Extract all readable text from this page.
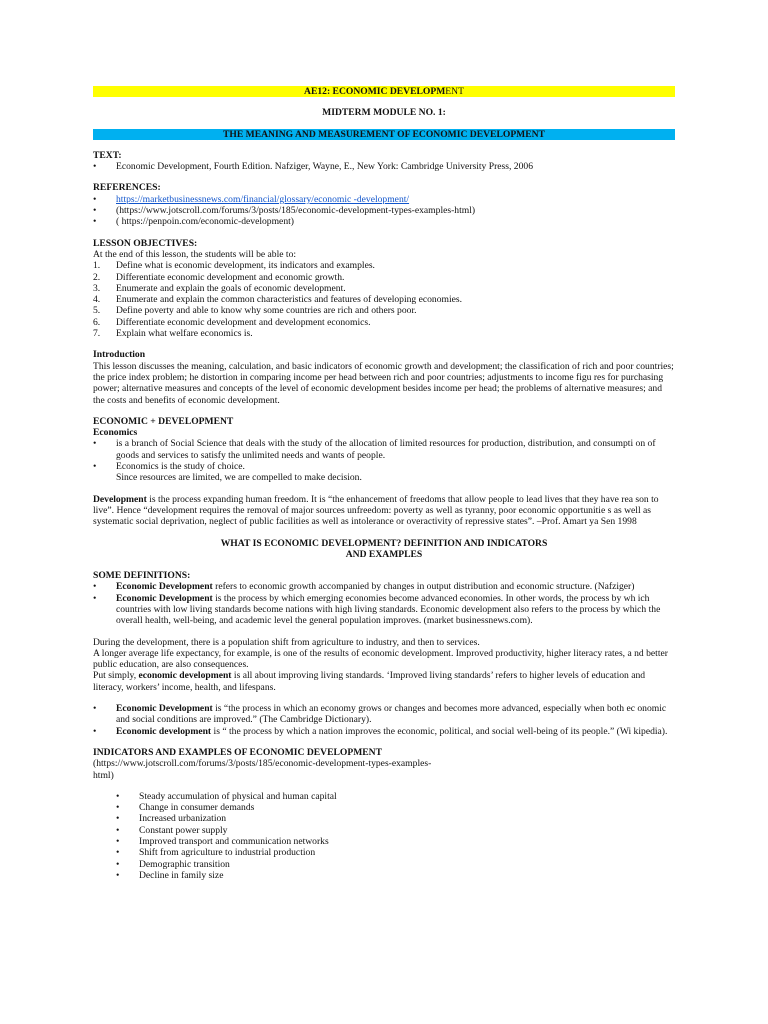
AE12: ECONOMIC DEVELOPMENT
MIDTERM MODULE NO. 1:
THE MEANING AND MEASUREMENT OF ECONOMIC DEVELOPMENT
TEXT:
•	Economic Development, Fourth Edition. Nafziger, Wayne, E., New York: Cambridge University Press, 2006
REFERENCES:
•	https://marketbusinessnews.com/financial/glossary/economic -development/
•	(https://www.jotscroll.com/forums/3/posts/185/economic-development-types-examples-html)
•	( https://penpoin.com/economic-development)
LESSON OBJECTIVES:
At the end of this lesson, the students will be able to:
1.	Define what is economic development, its indicators and examples.
2.	Differentiate economic development and economic growth.
3.	Enumerate and explain the goals of economic development.
4.	Enumerate and explain the common characteristics and features of developing economies.
5.	Define poverty and able to know why some countries are rich and others poor.
6.	Differentiate economic development and development economics.
7.	Explain what welfare economics is.
Introduction

This lesson discusses the meaning, calculation, and basic indicators of economic growth and development; the classification of rich and poor countries; the price index problem; he distortion in comparing income per head between rich and poor countries; adjustments to income figu res for purchasing power; alternative measures and concepts of the level of economic development besides income per head; the problems of alternative measures; and the costs and benefits of economic development.

ECONOMIC + DEVELOPMENT
Economics
•	is a branch of Social Science that deals with the study of the allocation of limited resources for production, distribution, and consumpti on of goods and services to satisfy the unlimited needs and wants of people.
•	Economics is the study of choice.
Since resources are limited, we are compelled to make decision.

Development is the process expanding human freedom. It is “the enhancement of freedoms that allow people to lead lives that they have rea son to live”. Hence “development requires the removal of major sources unfreedom: poverty as well as tyranny, poor economic opportunitie s as well as systematic social deprivation, neglect of public facilities as well as intolerance or overactivity of repressive states”. –Prof. Amart ya Sen 1998

WHAT IS ECONOMIC DEVELOPMENT? DEFINITION AND INDICATORS
AND EXAMPLES
SOME DEFINITIONS:
•	Economic Development refers to economic growth accompanied by changes in output distribution and economic structure. (Nafziger)
•	Economic Development is the process by which emerging economies become advanced economies. In other words, the process by wh ich countries with low living standards become nations with high living standards. Economic development also refers to the process by which the overall health, well-being, and academic level the general population improves. (market businessnews.com).

During the development, there is a population shift from agriculture to industry, and then to services.

A longer average life expectancy, for example, is one of the results of economic development. Improved productivity, higher literacy rates, a nd better public education, are also consequences.

Put simply, economic development is all about improving living standards. ‘Improved living standards’ refers to higher levels of education and literacy, workers’ income, health, and lifespans.

•	Economic Development is “the process in which an economy grows or changes and becomes more advanced, especially when both ec onomic and social conditions are improved.” (The Cambridge Dictionary).
•	Economic development is “ the process by which a nation improves the economic, political, and social well-being of its people.” (Wi kipedia).
INDICATORS AND EXAMPLES OF ECONOMIC DEVELOPMENT
(https://www.jotscroll.com/forums/3/posts/185/economic-development-types-examples-
html)
•	Steady accumulation of physical and human capital
•	Change in consumer demands
•	Increased urbanization
•	Constant power supply
•	Improved transport and communication networks
•	Shift from agriculture to industrial production
•	Demographic transition
•	Decline in family size
